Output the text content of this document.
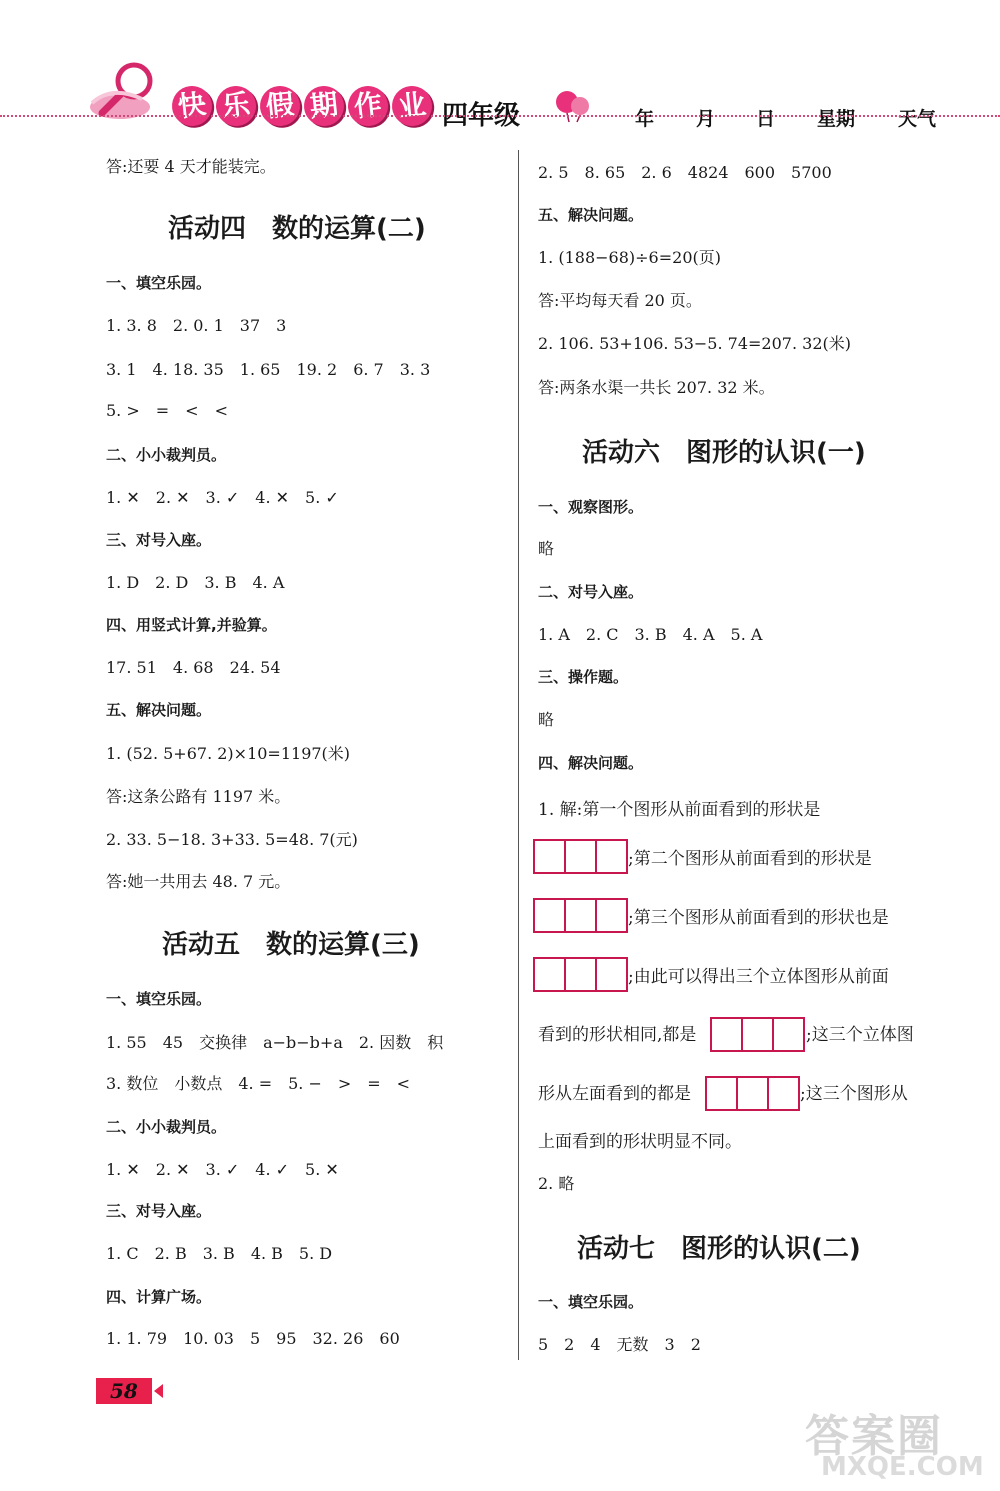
快 乐 假 期 作 业 四年级	年 月 日 星期 天气
答:还要 4 天才能装完。
活动四　数的运算(二)
一、填空乐园。
1. 3. 8　2. 0. 1　37　3
3. 1　4. 18. 35　1. 65　19. 2　6. 7　3. 3
5. >　=　<　<
二、小小裁判员。
1. ✕　2. ✕　3. ✓　4. ✕　5. ✓
三、对号入座。
1. D　2. D　3. B　4. A
四、用竖式计算,并验算。
17. 51　4. 68　24. 54
五、解决问题。
1. (52. 5+67. 2)×10=1197(米)
答:这条公路有 1197 米。
2. 33. 5−18. 3+33. 5=48. 7(元)
答:她一共用去 48. 7 元。
活动五　数的运算(三)
一、填空乐园。
1. 55　45　交换律　a−b−b+a　2. 因数　积
3. 数位　小数点　4. =　5. −　>　=　<
二、小小裁判员。
1. ✕　2. ✕　3. ✓　4. ✓　5. ✕
三、对号入座。
1. C　2. B　3. B　4. B　5. D
四、计算广场。
1. 1. 79　10. 03　5　95　32. 26　60
2. 5　8. 65　2. 6　4824　600　5700
五、解决问题。
1. (188−68)÷6=20(页)
答:平均每天看 20 页。
2. 106. 53+106. 53−5. 74=207. 32(米)
答:两条水渠一共长 207. 32 米。
活动六　图形的认识(一)
一、观察图形。
略
二、对号入座。
1. A　2. C　3. B　4. A　5. A
三、操作题。
略
四、解决问题。
1. 解:第一个图形从前面看到的形状是
;第二个图形从前面看到的形状是
;第三个图形从前面看到的形状也是
;由此可以得出三个立体图形从前面
看到的形状相同,都是	;这三个立体图
形从左面看到的都是	;这三个图形从
上面看到的形状明显不同。
2. 略
活动七　图形的认识(二)
一、填空乐园。
5　2　4　无数　3　2
58
答案圈
MXQE.COM
